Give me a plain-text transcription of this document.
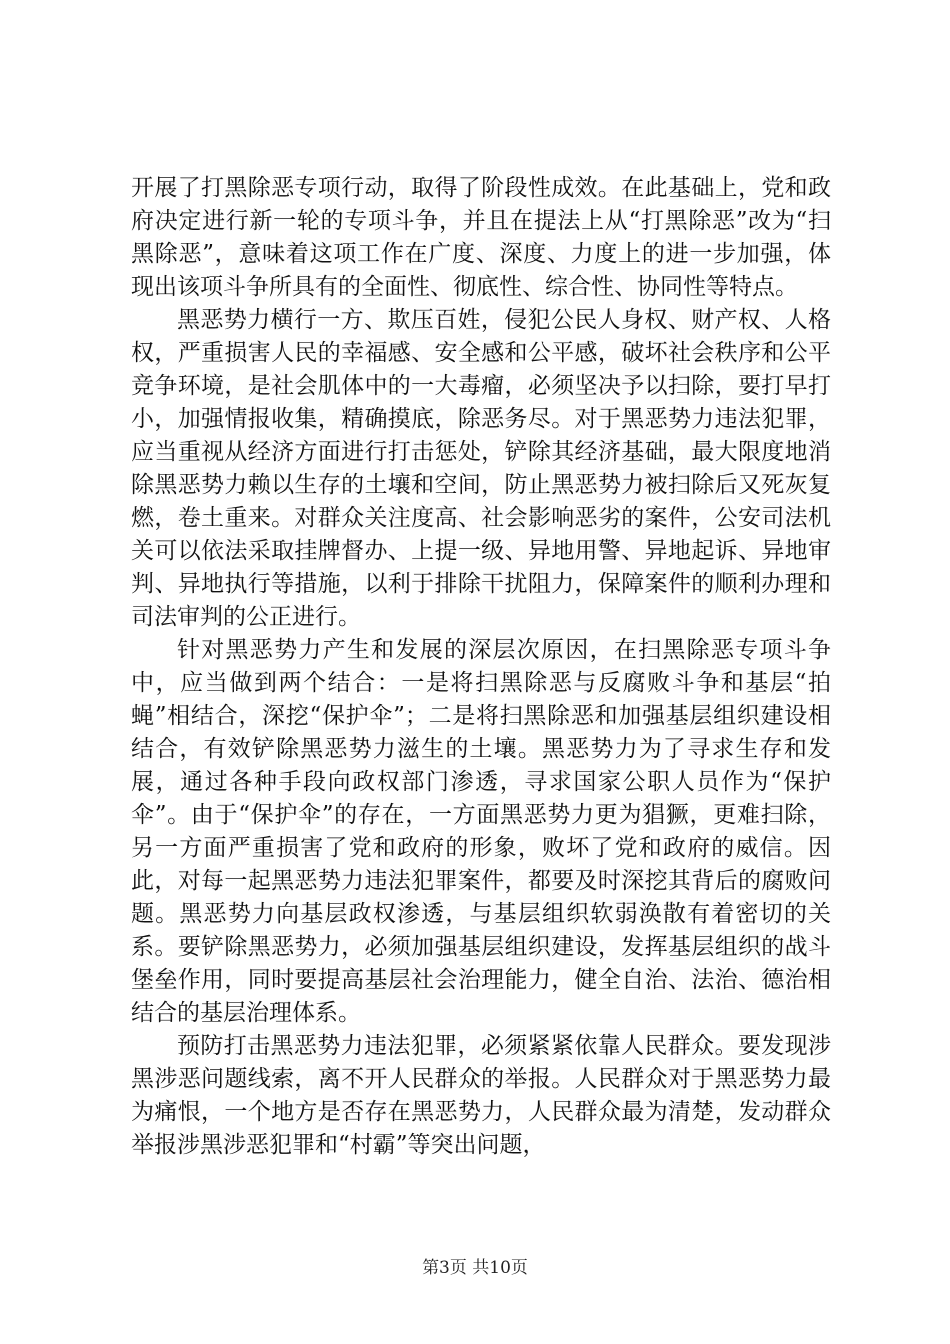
开展了打黑除恶专项行动，取得了阶段性成效。在此基础上，党和政府决定进行新一轮的专项斗争，并且在提法上从“打黑除恶”改为“扫黑除恶”，意味着这项工作在广度、深度、力度上的进一步加强，体现出该项斗争所具有的全面性、彻底性、综合性、协同性等特点。

黑恶势力横行一方、欺压百姓，侵犯公民人身权、财产权、人格权，严重损害人民的幸福感、安全感和公平感，破坏社会秩序和公平竞争环境，是社会肌体中的一大毒瘤，必须坚决予以扫除，要打早打小，加强情报收集，精确摸底，除恶务尽。对于黑恶势力违法犯罪，应当重视从经济方面进行打击惩处，铲除其经济基础，最大限度地消除黑恶势力赖以生存的土壤和空间，防止黑恶势力被扫除后又死灰复燃，卷土重来。对群众关注度高、社会影响恶劣的案件，公安司法机关可以依法采取挂牌督办、上提一级、异地用警、异地起诉、异地审判、异地执行等措施，以利于排除干扰阻力，保障案件的顺利办理和司法审判的公正进行。

针对黑恶势力产生和发展的深层次原因，在扫黑除恶专项斗争中，应当做到两个结合：一是将扫黑除恶与反腐败斗争和基层“拍蝇”相结合，深挖“保护伞”；二是将扫黑除恶和加强基层组织建设相结合，有效铲除黑恶势力滋生的土壤。黑恶势力为了寻求生存和发展，通过各种手段向政权部门渗透，寻求国家公职人员作为“保护伞”。由于“保护伞”的存在，一方面黑恶势力更为猖獗，更难扫除，另一方面严重损害了党和政府的形象，败坏了党和政府的威信。因此，对每一起黑恶势力违法犯罪案件，都要及时深挖其背后的腐败问题。黑恶势力向基层政权渗透，与基层组织软弱涣散有着密切的关系。要铲除黑恶势力，必须加强基层组织建设，发挥基层组织的战斗堡垒作用，同时要提高基层社会治理能力，健全自治、法治、德治相结合的基层治理体系。

预防打击黑恶势力违法犯罪，必须紧紧依靠人民群众。要发现涉黑涉恶问题线索，离不开人民群众的举报。人民群众对于黑恶势力最为痛恨，一个地方是否存在黑恶势力，人民群众最为清楚，发动群众举报涉黑涉恶犯罪和“村霸”等突出问题，

第3页 共10页
